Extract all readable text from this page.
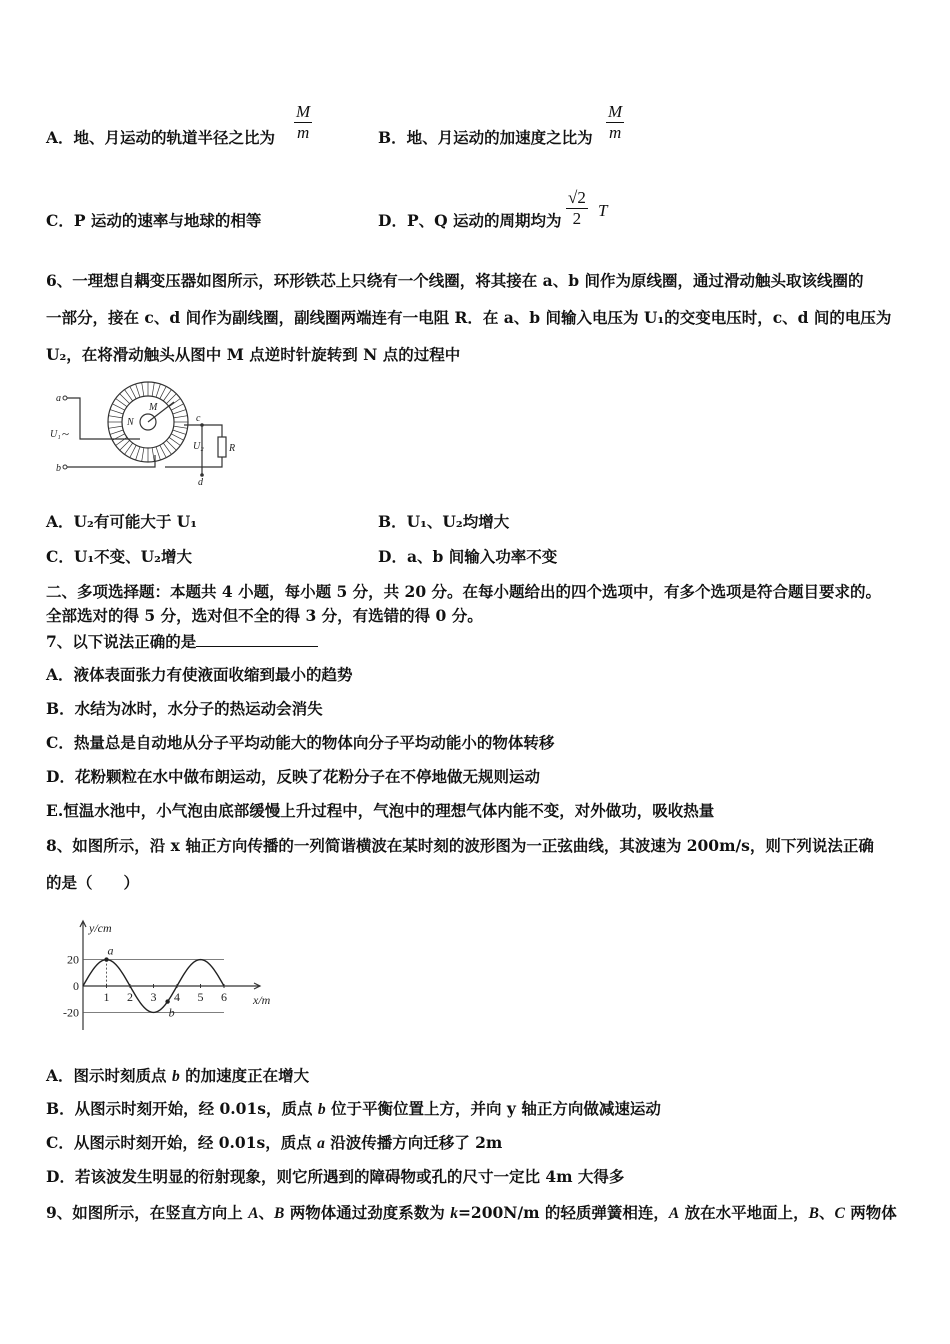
A．地、月运动的轨道半径之比为 $\frac{M}{m}$	B．地、月运动的加速度之比为 $\frac{M}{m}$
C．P 运动的速率与地球的相等	D．P、Q 运动的周期均为 $\frac{√2}{2}$ T
6、一理想自耦变压器如图所示，环形铁芯上只绕有一个线圈，将其接在 a、b 间作为原线圈，通过滑动触头取该线圈的
一部分，接在 c、d 间作为副线圈，副线圈两端连有一电阻 R．在 a、b 间输入电压为 U₁的交变电压时，c、d 间的电压为
U₂，在将滑动触头从图中 M 点逆时针旋转到 N 点的过程中
a
b
c
d
M
N
R
U₁ ~
U₂
A．U₂有可能大于 U₁	B．U₁、U₂均增大
C．U₁不变、U₂增大	D．a、b 间输入功率不变
二、多项选择题：本题共 4 小题，每小题 5 分，共 20 分。在每小题给出的四个选项中，有多个选项是符合题目要求的。
全部选对的得 5 分，选对但不全的得 3 分，有选错的得 0 分。
7、以下说法正确的是
A．液体表面张力有使液面收缩到最小的趋势
B．水结为冰时，水分子的热运动会消失
C．热量总是自动地从分子平均动能大的物体向分子平均动能小的物体转移
D．花粉颗粒在水中做布朗运动，反映了花粉分子在不停地做无规则运动
E.恒温水池中，小气泡由底部缓慢上升过程中，气泡中的理想气体内能不变，对外做功，吸收热量
8、如图所示，沿 x 轴正方向传播的一列简谐横波在某时刻的波形图为一正弦曲线，其波速为 200m/s，则下列说法正确
的是（　　）
y/cm
x/m
20
0
-20
1 2 3 4 5 6
a
b
A．图示时刻质点 b 的加速度正在增大
B．从图示时刻开始，经 0.01s，质点 b 位于平衡位置上方，并向 y 轴正方向做减速运动
C．从图示时刻开始，经 0.01s，质点 a 沿波传播方向迁移了 2m
D．若该波发生明显的衍射现象，则它所遇到的障碍物或孔的尺寸一定比 4m 大得多
9、如图所示，在竖直方向上 A、B 两物体通过劲度系数为 k=200N/m 的轻质弹簧相连，A 放在水平地面上，B、C 两物体
